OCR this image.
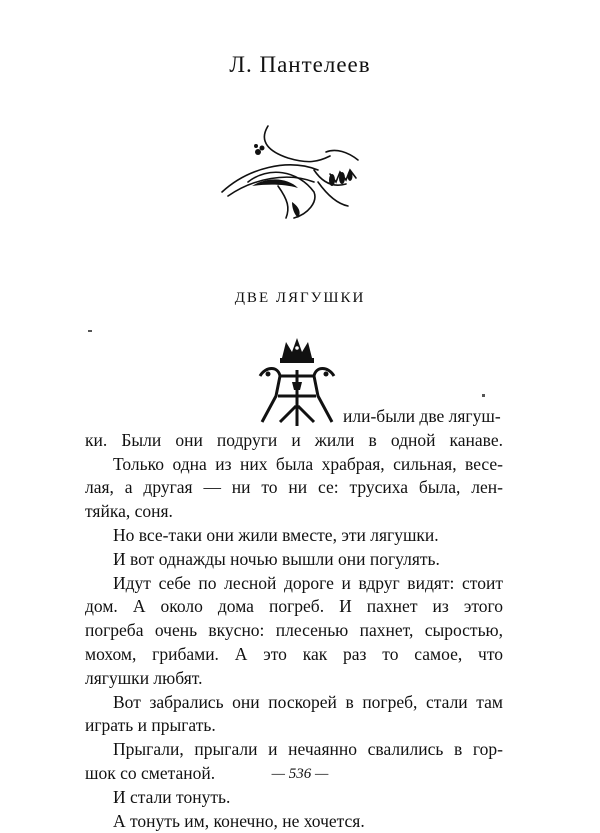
Л. Пантелеев
ДВЕ ЛЯГУШКИ
или-были две лягуш-
ки. Были они подруги и жили в одной канаве.
Только одна из них была храбрая, сильная, весе-
лая, а другая — ни то ни се: трусиха была, лен-
тяйка, соня.
Но все-таки они жили вместе, эти лягушки.
И вот однажды ночью вышли они погулять.
Идут себе по лесной дороге и вдруг видят: стоит
дом. А около дома погреб. И пахнет из этого
погреба очень вкусно: плесенью пахнет, сыростью,
мохом, грибами. А это как раз то самое, что
лягушки любят.
Вот забрались они поскорей в погреб, стали там
играть и прыгать.
Прыгали, прыгали и нечаянно свалились в гор-
шок со сметаной.
И стали тонуть.
А тонуть им, конечно, не хочется.
— 536 —
